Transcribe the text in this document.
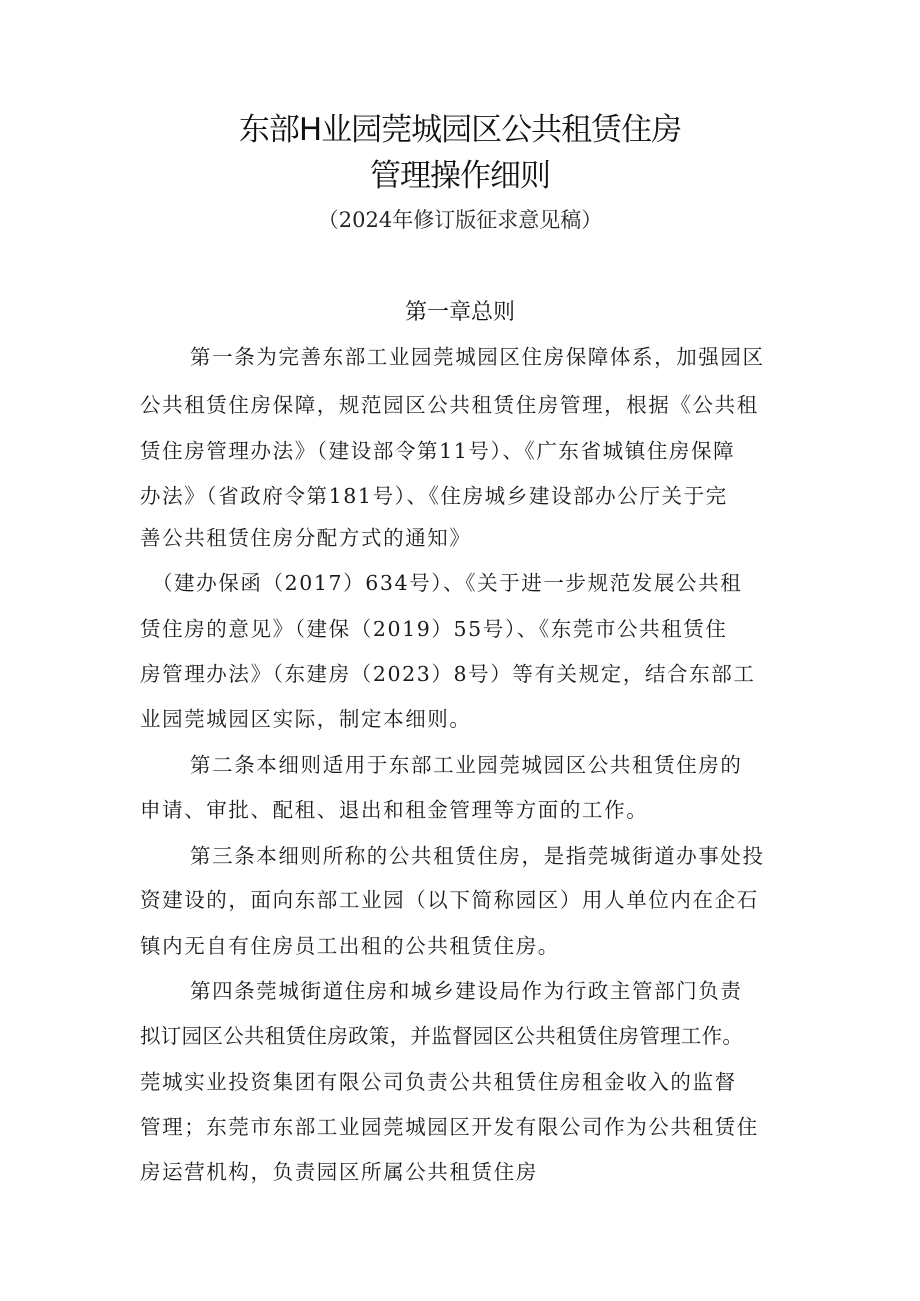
东部H业园莞城园区公共租赁住房
管理操作细则
（2024年修订版征求意见稿）
第一章总则
第一条为完善东部工业园莞城园区住房保障体系，加强园区
公共租赁住房保障，规范园区公共租赁住房管理，根据《公共租
赁住房管理办法》（建设部令第11号）、《广东省城镇住房保障
办法》（省政府令第181号）、《住房城乡建设部办公厅关于完
善公共租赁住房分配方式的通知》
（建办保函（2017）634号）、《关于进一步规范发展公共租
赁住房的意见》（建保（2019）55号）、《东莞市公共租赁住
房管理办法》（东建房（2023）8号）等有关规定，结合东部工
业园莞城园区实际，制定本细则。
第二条本细则适用于东部工业园莞城园区公共租赁住房的
申请、审批、配租、退出和租金管理等方面的工作。
第三条本细则所称的公共租赁住房，是指莞城街道办事处投
资建设的，面向东部工业园（以下简称园区）用人单位内在企石
镇内无自有住房员工出租的公共租赁住房。
第四条莞城街道住房和城乡建设局作为行政主管部门负责
拟订园区公共租赁住房政策，并监督园区公共租赁住房管理工作。
莞城实业投资集团有限公司负责公共租赁住房租金收入的监督
管理；东莞市东部工业园莞城园区开发有限公司作为公共租赁住
房运营机构，负责园区所属公共租赁住房
